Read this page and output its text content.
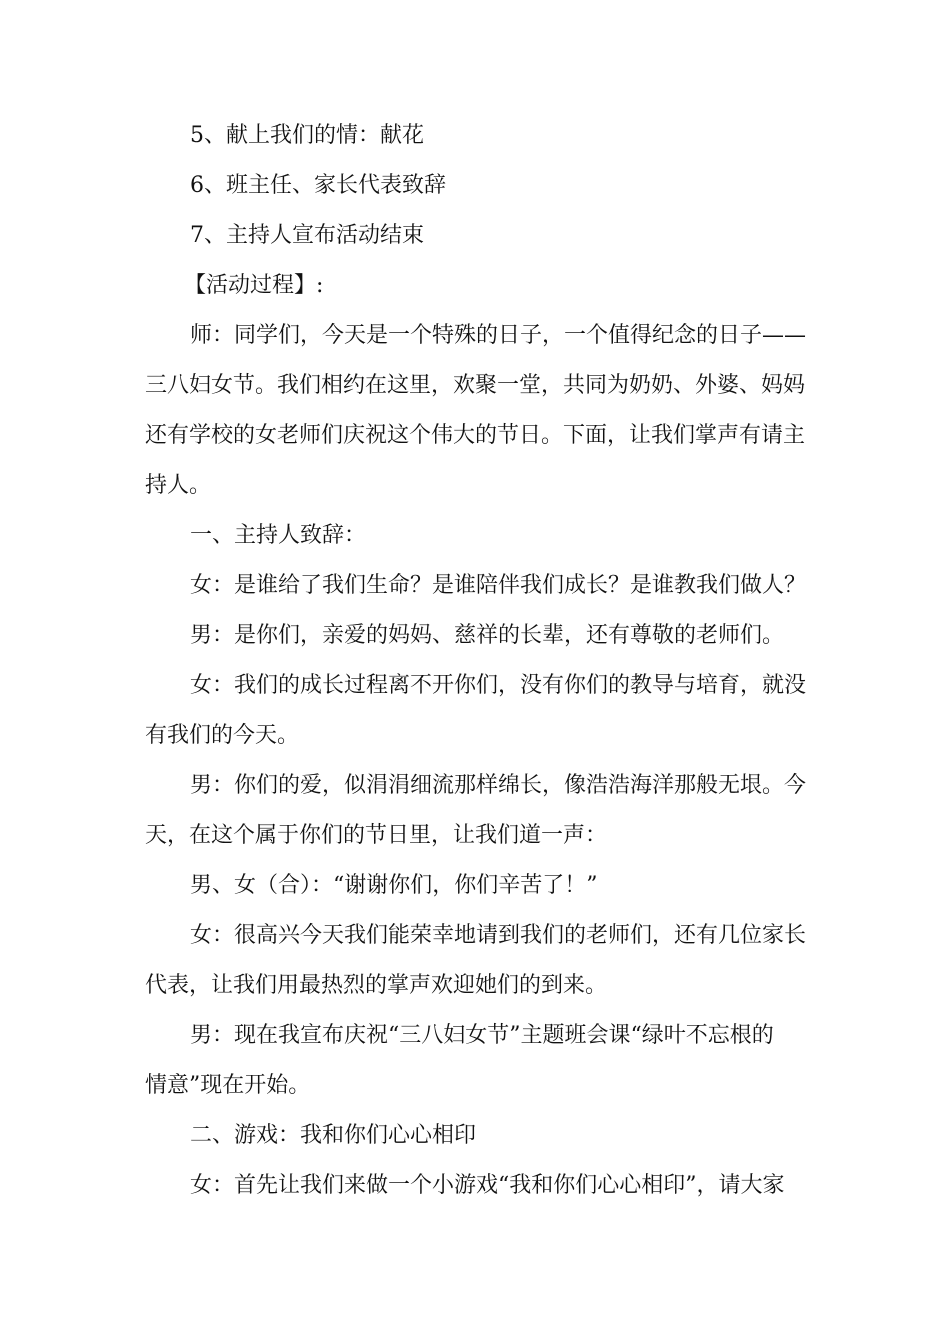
5、献上我们的情：献花
6、班主任、家长代表致辞
7、主持人宣布活动结束
【活动过程】:
师：同学们，今天是一个特殊的日子，一个值得纪念的日子——
三八妇女节。我们相约在这里，欢聚一堂，共同为奶奶、外婆、妈妈
还有学校的女老师们庆祝这个伟大的节日。下面，让我们掌声有请主
持人。
一、主持人致辞：
女：是谁给了我们生命？是谁陪伴我们成长？是谁教我们做人？
男：是你们，亲爱的妈妈、慈祥的长辈，还有尊敬的老师们。
女：我们的成长过程离不开你们，没有你们的教导与培育，就没
有我们的今天。
男：你们的爱，似涓涓细流那样绵长，像浩浩海洋那般无垠。今
天，在这个属于你们的节日里，让我们道一声：
男、女（合）：“谢谢你们，你们辛苦了！”
女：很高兴今天我们能荣幸地请到我们的老师们，还有几位家长
代表，让我们用最热烈的掌声欢迎她们的到来。
男：现在我宣布庆祝“三八妇女节”主题班会课“绿叶不忘根的
情意”现在开始。
二、游戏：我和你们心心相印
女：首先让我们来做一个小游戏“我和你们心心相印”，请大家
